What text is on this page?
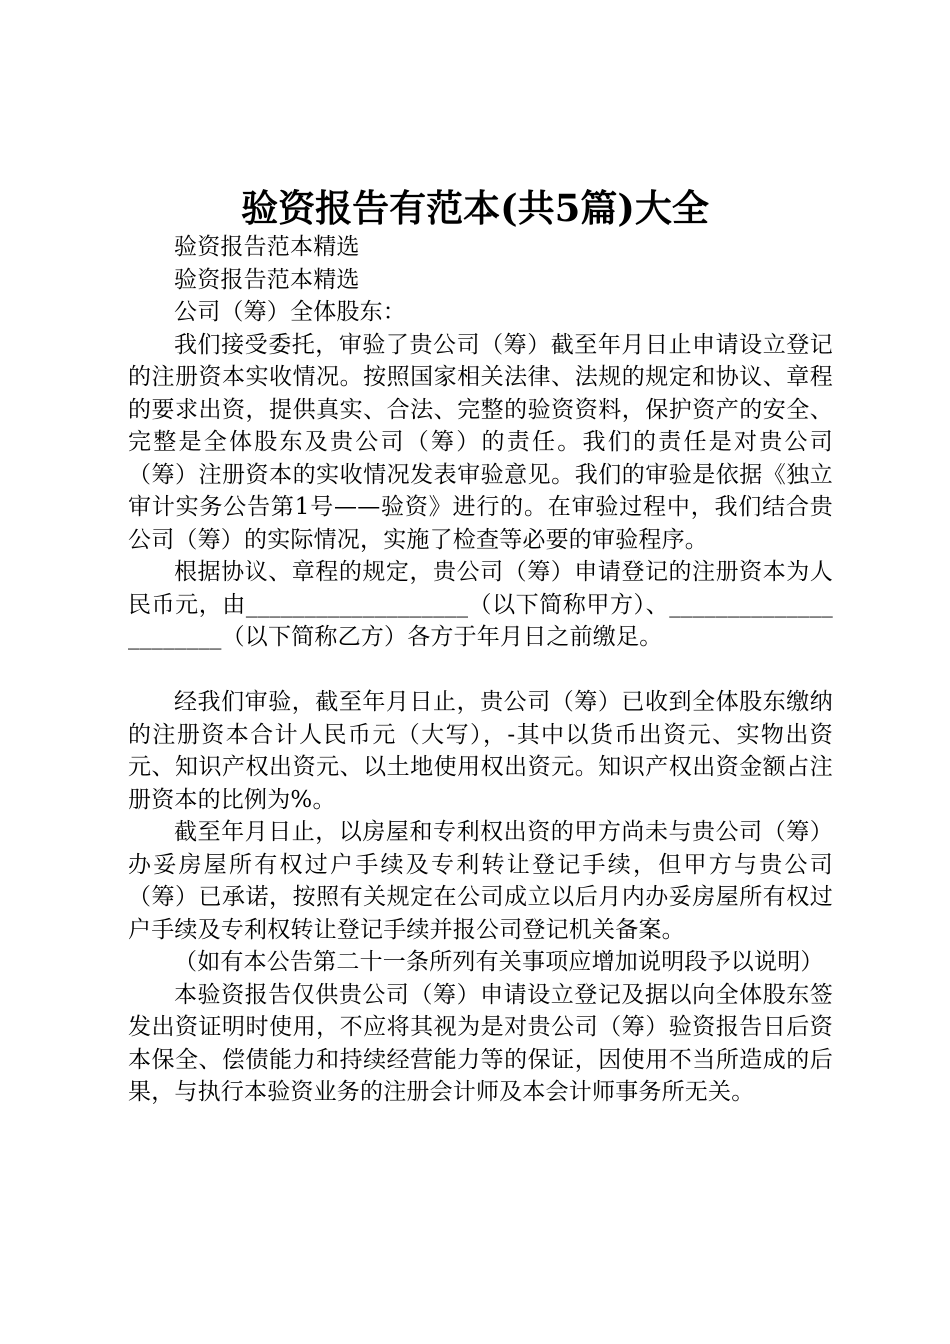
验资报告有范本(共5篇)大全

验资报告范本精选

验资报告范本精选

公司（筹）全体股东：

我们接受委托，审验了贵公司（筹）截至年月日止申请设立登记的注册资本实收情况。按照国家相关法律、法规的规定和协议、章程的要求出资，提供真实、合法、完整的验资资料，保护资产的安全、完整是全体股东及贵公司（筹）的责任。我们的责任是对贵公司（筹）注册资本的实收情况发表审验意见。我们的审验是依据《独立审计实务公告第1号——验资》进行的。在审验过程中，我们结合贵公司（筹）的实际情况，实施了检查等必要的审验程序。

根据协议、章程的规定，贵公司（筹）申请登记的注册资本为人民币元，由___________________（以下简称甲方）、______________________（以下简称乙方）各方于年月日之前缴足。

经我们审验，截至年月日止，贵公司（筹）已收到全体股东缴纳的注册资本合计人民币元（大写），-其中以货币出资元、实物出资元、知识产权出资元、以土地使用权出资元。知识产权出资金额占注册资本的比例为%。

截至年月日止，以房屋和专利权出资的甲方尚未与贵公司（筹）办妥房屋所有权过户手续及专利转让登记手续，但甲方与贵公司（筹）已承诺，按照有关规定在公司成立以后月内办妥房屋所有权过户手续及专利权转让登记手续并报公司登记机关备案。

（如有本公告第二十一条所列有关事项应增加说明段予以说明）

本验资报告仅供贵公司（筹）申请设立登记及据以向全体股东签发出资证明时使用，不应将其视为是对贵公司（筹）验资报告日后资本保全、偿债能力和持续经营能力等的保证，因使用不当所造成的后果，与执行本验资业务的注册会计师及本会计师事务所无关。
